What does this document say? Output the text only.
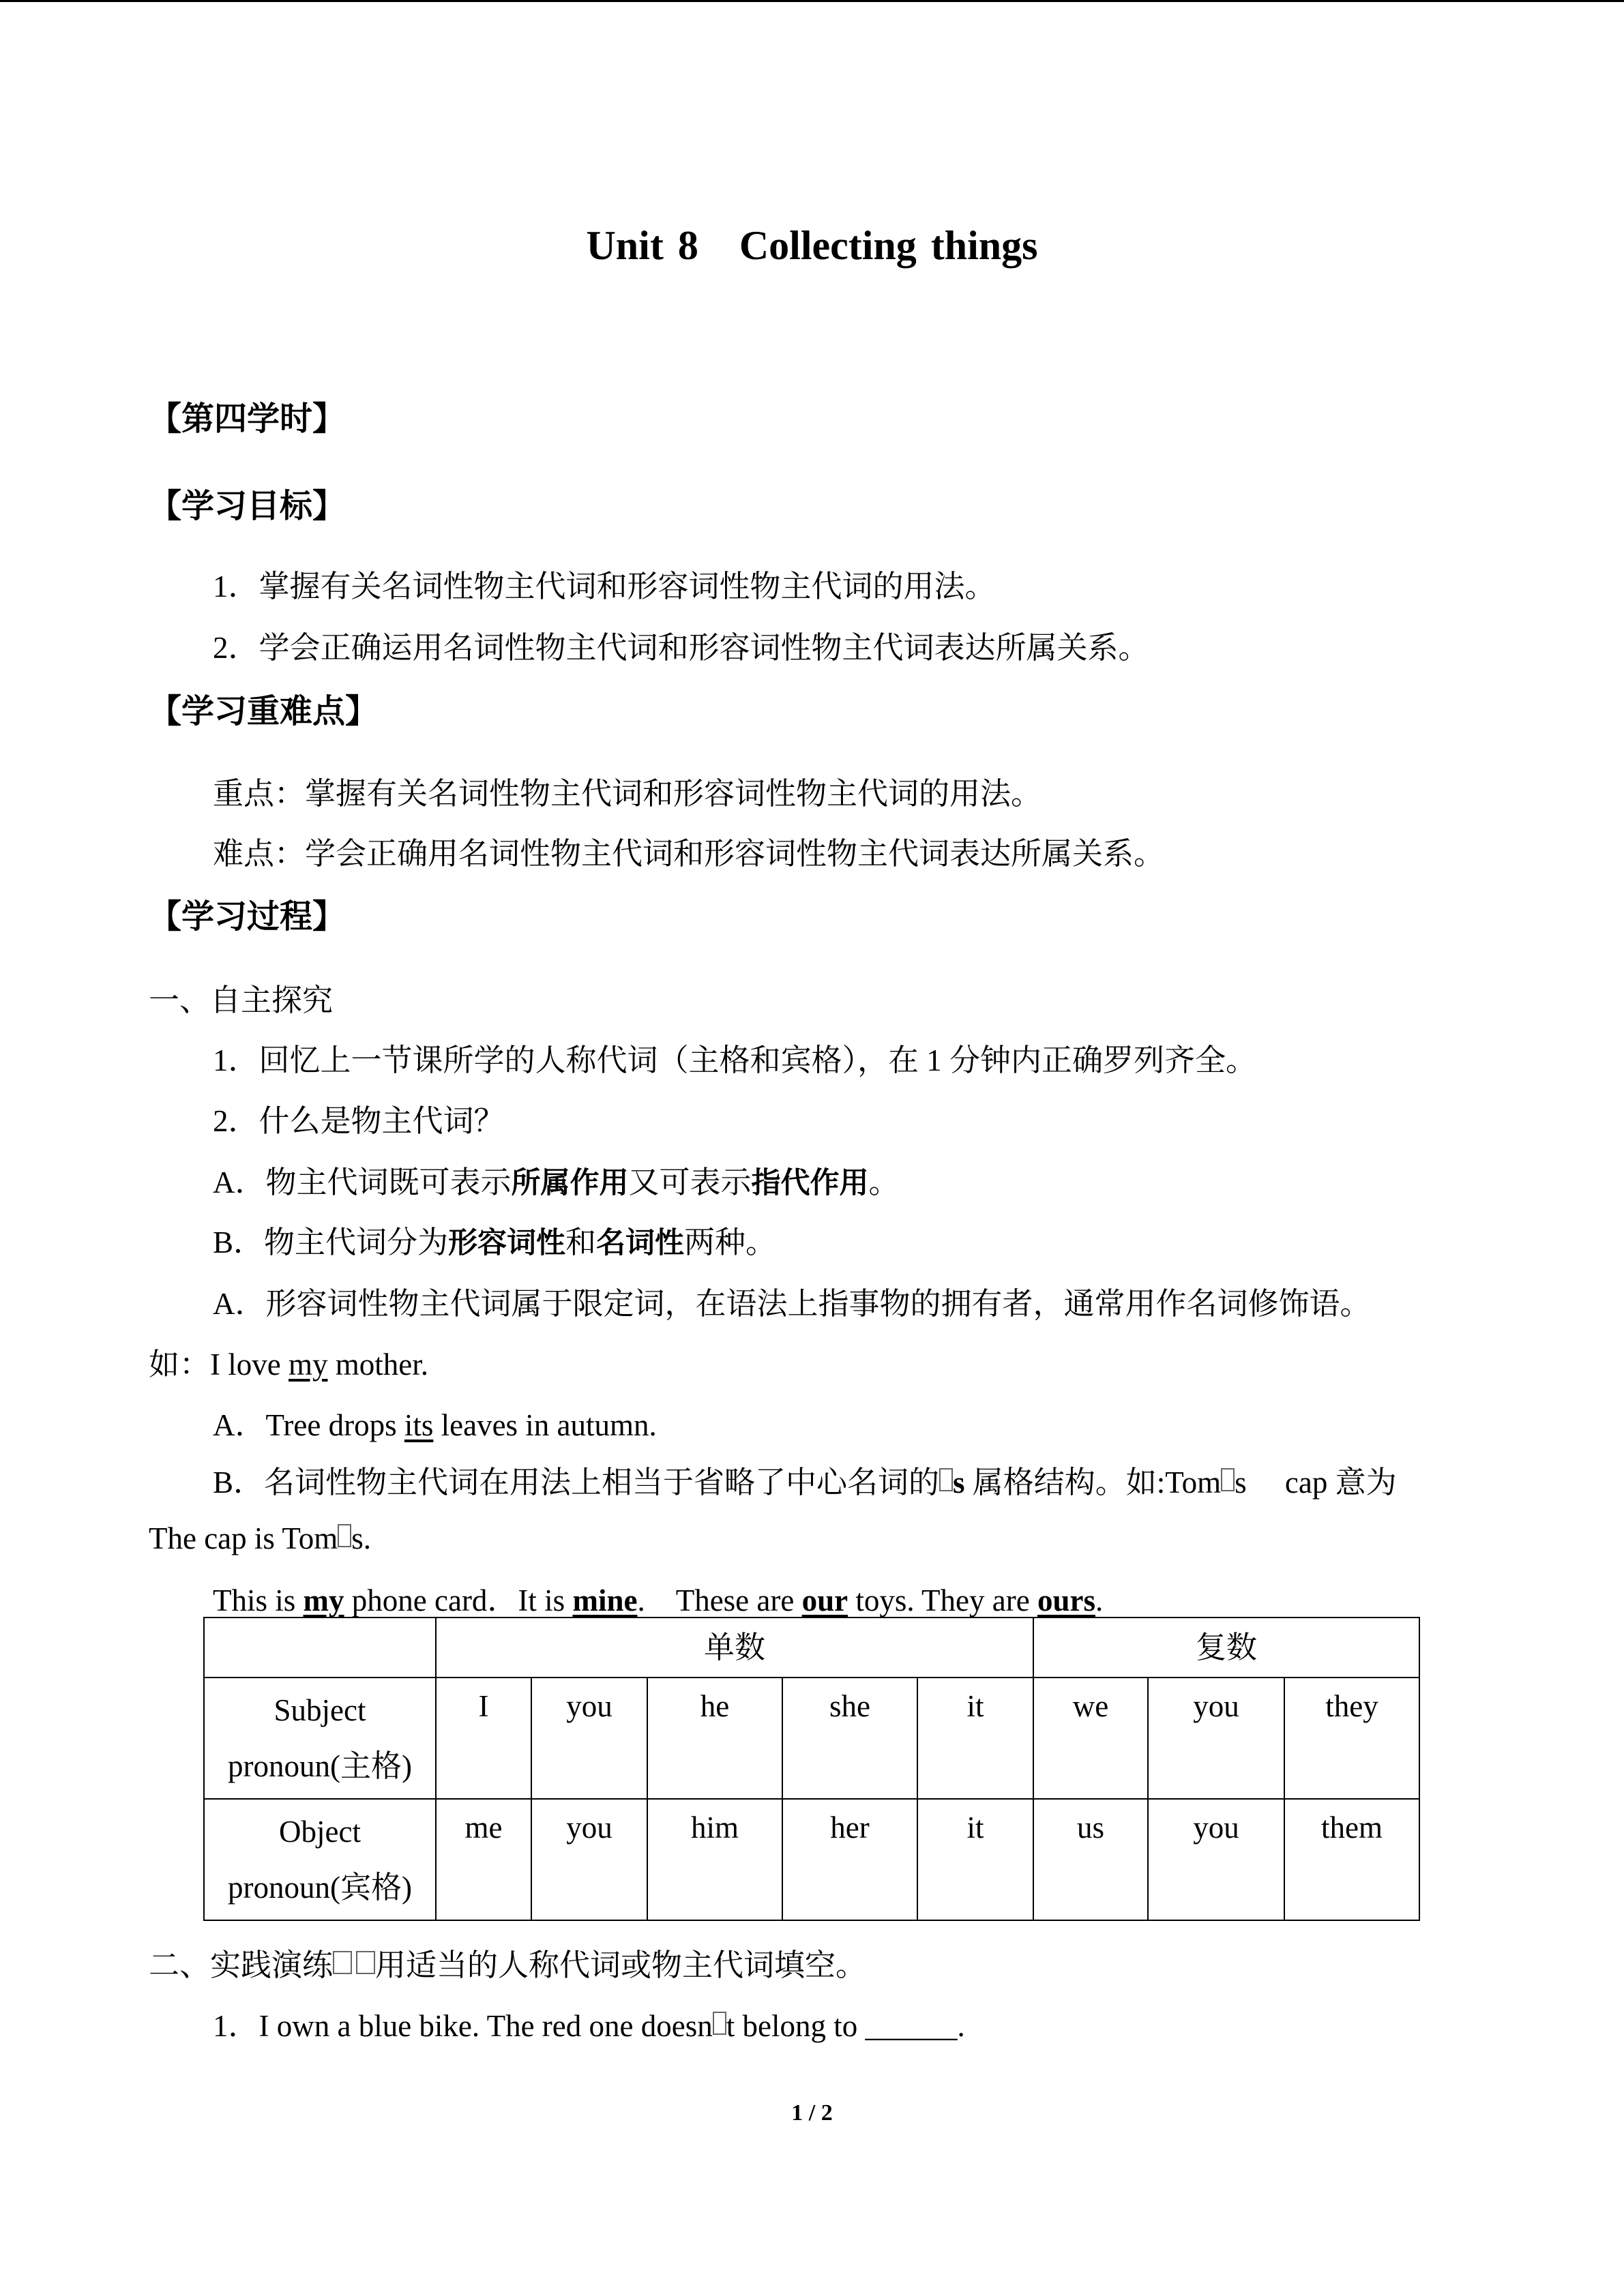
Unit 8　Collecting things
【第四学时】
【学习目标】
1．掌握有关名词性物主代词和形容词性物主代词的用法。
2．学会正确运用名词性物主代词和形容词性物主代词表达所属关系。
【学习重难点】
重点：掌握有关名词性物主代词和形容词性物主代词的用法。
难点：学会正确用名词性物主代词和形容词性物主代词表达所属关系。
【学习过程】
一、自主探究
1．回忆上一节课所学的人称代词（主格和宾格），在 1 分钟内正确罗列齐全。
2．什么是物主代词？
A．物主代词既可表示所属作用又可表示指代作用。
B．物主代词分为形容词性和名词性两种。
A．形容词性物主代词属于限定词，在语法上指事物的拥有者，通常用作名词修饰语。
如：I love my mother.
A．Tree drops its leaves in autumn.
B．名词性物主代词在用法上相当于省略了中心名词的 s 属格结构。如:Tom s　 cap 意为
The cap is Tom s.
This is my phone card．It is mine.　These are our toys. They are ours.
	单数					复数		
Subject
pronoun(主格)	I	you	he	she	it	we	you	they
Object
pronoun(宾格)	me	you	him	her	it	us	you	them
二、实践演练 用适当的人称代词或物主代词填空。
1．I own a blue bike. The red one doesn t belong to ______.
1 / 2
